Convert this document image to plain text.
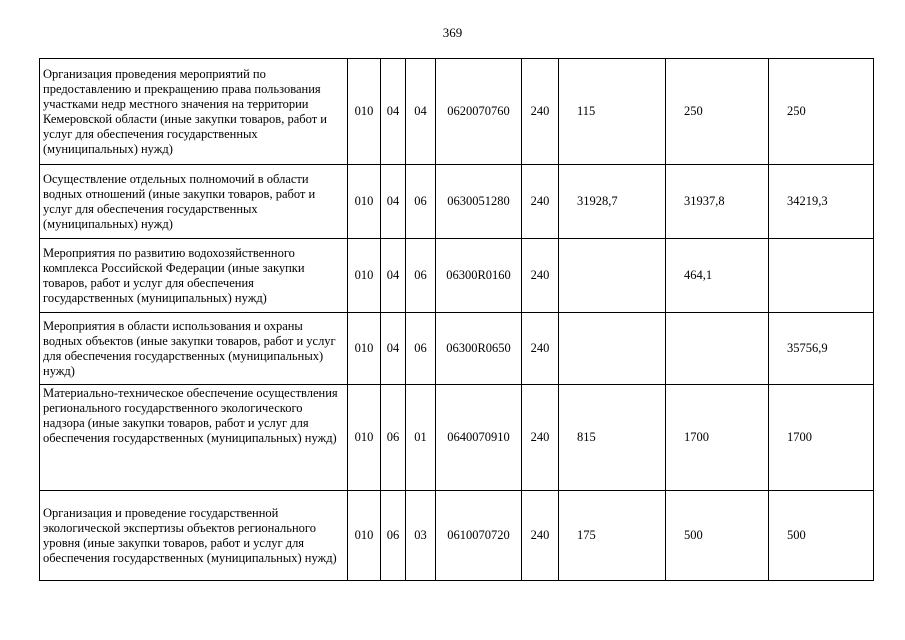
369
Организация проведения мероприятий по предоставлению и прекращению права пользования участками недр местного значения на территории Кемеровской области (иные закупки товаров, работ и услуг для обеспечения государственных (муниципальных) нужд)	010	04	04	0620070760	240	115	250	250
Осуществление отдельных полномочий в области водных отношений (иные закупки товаров, работ и услуг для обеспечения государственных (муниципальных) нужд)	010	04	06	0630051280	240	31928,7	31937,8	34219,3
Мероприятия по развитию водохозяйственного комплекса Российской Федерации (иные закупки товаров, работ и услуг для обеспечения государственных (муниципальных) нужд)	010	04	06	06300R0160	240		464,1	
Мероприятия в области использования и охраны водных объектов (иные закупки товаров, работ и услуг для обеспечения государственных (муниципальных) нужд)	010	04	06	06300R0650	240			35756,9
Материально-техническое обеспечение осуществления регионального государственного экологического надзора (иные закупки товаров, работ и услуг для обеспечения государственных (муниципальных) нужд)	010	06	01	0640070910	240	815	1700	1700
Организация и проведение государственной экологической экспертизы объектов регионального уровня (иные закупки товаров, работ и услуг для обеспечения государственных (муниципальных) нужд)	010	06	03	0610070720	240	175	500	500
